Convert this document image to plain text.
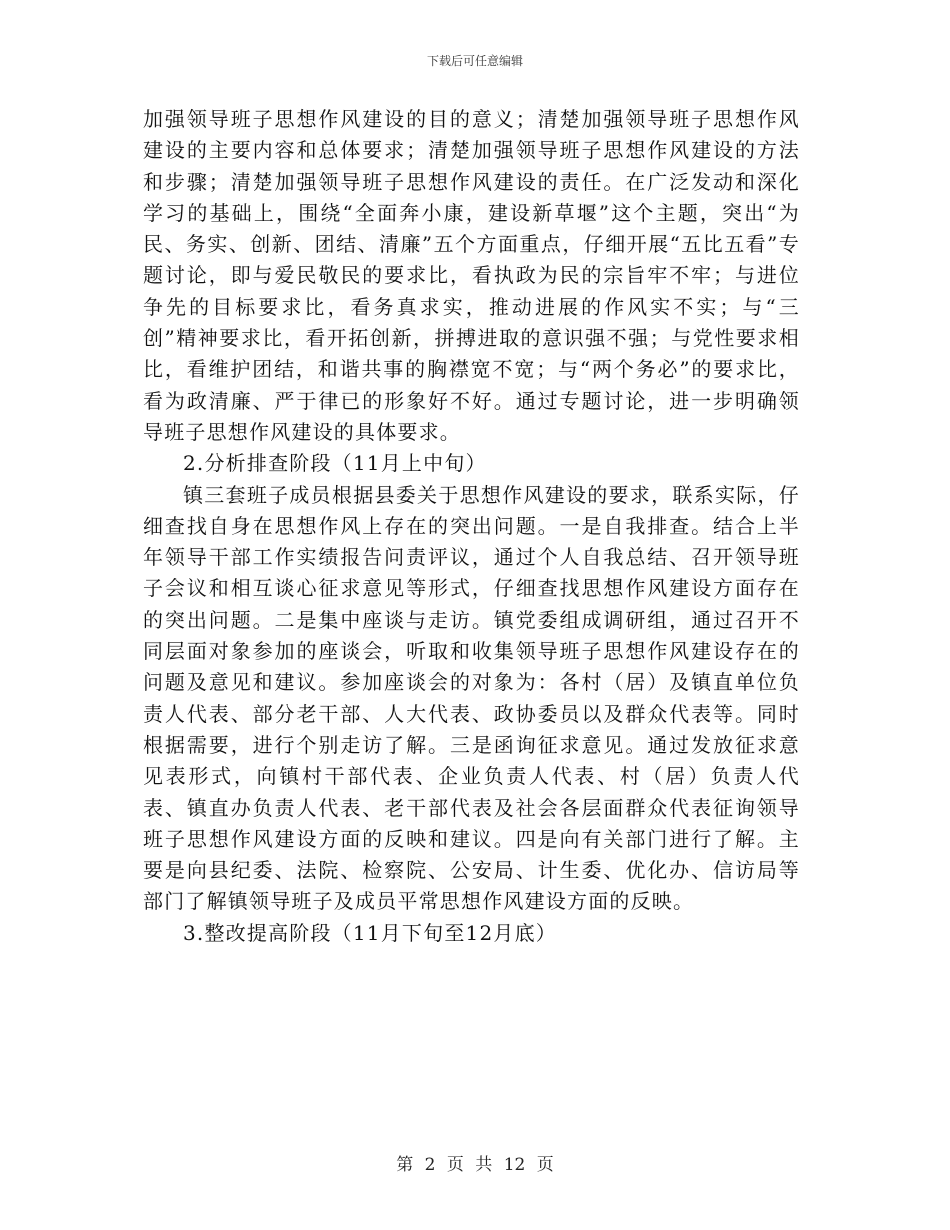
下载后可任意编辑

加强领导班子思想作风建设的目的意义；清楚加强领导班子思想作风建设的主要内容和总体要求；清楚加强领导班子思想作风建设的方法和步骤；清楚加强领导班子思想作风建设的责任。在广泛发动和深化学习的基础上，围绕“全面奔小康，建设新草堰”这个主题，突出“为民、务实、创新、团结、清廉”五个方面重点，仔细开展“五比五看”专题讨论，即与爱民敬民的要求比，看执政为民的宗旨牢不牢；与进位争先的目标要求比，看务真求实，推动进展的作风实不实；与“三创”精神要求比，看开拓创新，拼搏进取的意识强不强；与党性要求相比，看维护团结，和谐共事的胸襟宽不宽；与“两个务必”的要求比，看为政清廉、严于律已的形象好不好。通过专题讨论，进一步明确领导班子思想作风建设的具体要求。

2.分析排查阶段（11月上中旬）

镇三套班子成员根据县委关于思想作风建设的要求，联系实际，仔细查找自身在思想作风上存在的突出问题。一是自我排查。结合上半年领导干部工作实绩报告问责评议，通过个人自我总结、召开领导班子会议和相互谈心征求意见等形式，仔细查找思想作风建设方面存在的突出问题。二是集中座谈与走访。镇党委组成调研组，通过召开不同层面对象参加的座谈会，听取和收集领导班子思想作风建设存在的问题及意见和建议。参加座谈会的对象为：各村（居）及镇直单位负责人代表、部分老干部、人大代表、政协委员以及群众代表等。同时根据需要，进行个别走访了解。三是函询征求意见。通过发放征求意见表形式，向镇村干部代表、企业负责人代表、村（居）负责人代表、镇直办负责人代表、老干部代表及社会各层面群众代表征询领导班子思想作风建设方面的反映和建议。四是向有关部门进行了解。主要是向县纪委、法院、检察院、公安局、计生委、优化办、信访局等部门了解镇领导班子及成员平常思想作风建设方面的反映。

3.整改提高阶段（11月下旬至12月底）

第 2 页 共 12 页
